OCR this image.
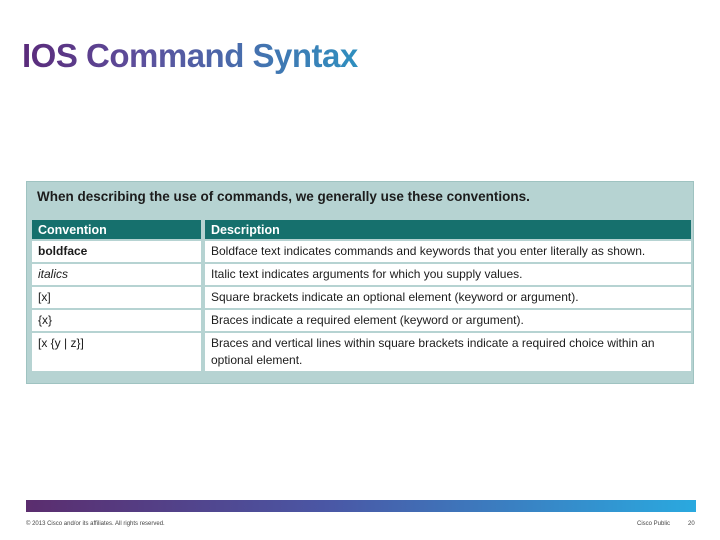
IOS Command Syntax
When describing the use of commands, we generally use these conventions.
Convention	Description
boldface	Boldface text indicates commands and keywords that you enter literally as shown.
italics	Italic text indicates arguments for which you supply values.
[x]	Square brackets indicate an optional element (keyword or argument).
{x}	Braces indicate a required element (keyword or argument).
[x {y | z}]	Braces and vertical lines within square brackets indicate a required choice within an optional element.
© 2013 Cisco and/or its affiliates. All rights reserved.	Cisco Public	20
